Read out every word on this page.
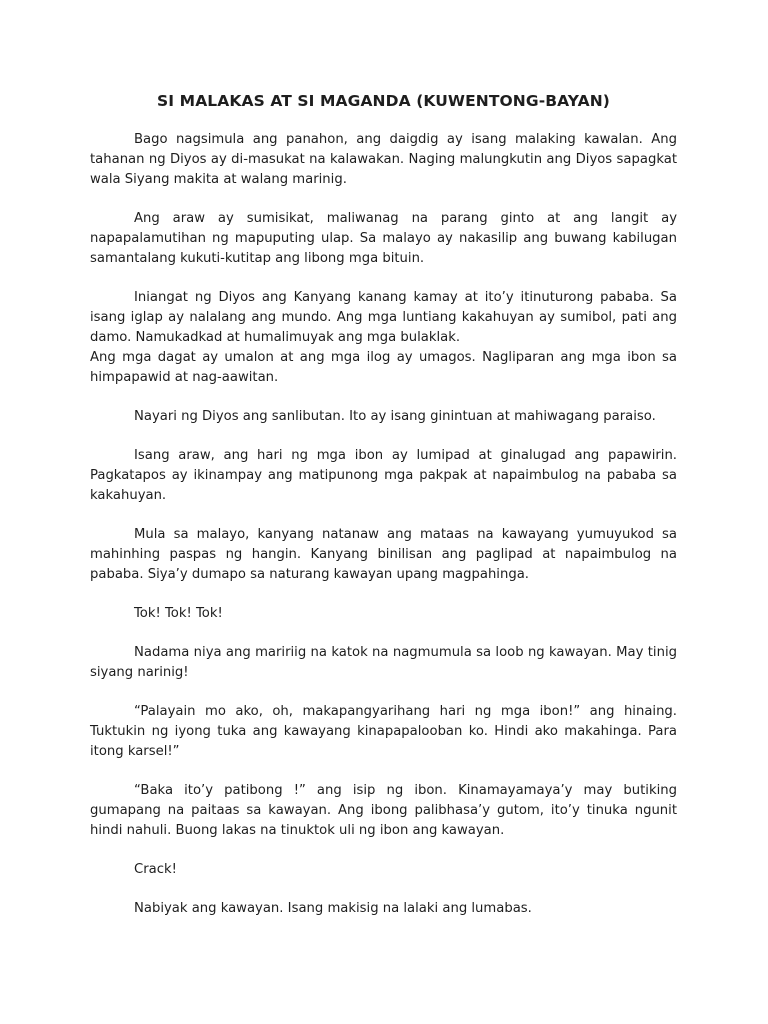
SI MALAKAS AT SI MAGANDA (KUWENTONG-BAYAN)

Bago nagsimula ang panahon, ang daigdig ay isang malaking kawalan. Ang tahanan ng Diyos ay di-masukat na kalawakan. Naging malungkutin ang Diyos sapagkat wala Siyang makita at walang marinig.

Ang araw ay sumisikat, maliwanag na parang ginto at ang langit ay napapalamutihan ng mapuputing ulap. Sa malayo ay nakasilip ang buwang kabilugan samantalang kukuti-kutitap ang libong mga bituin.

Iniangat ng Diyos ang Kanyang kanang kamay at ito’y itinuturong pababa. Sa isang iglap ay nalalang ang mundo. Ang mga luntiang kakahuyan ay sumibol, pati ang damo. Namukadkad at humalimuyak ang mga bulaklak.

Ang mga dagat ay umalon at ang mga ilog ay umagos. Nagliparan ang mga ibon sa himpapawid at nag-aawitan.

Nayari ng Diyos ang sanlibutan. Ito ay isang ginintuan at mahiwagang paraiso.

Isang araw, ang hari ng mga ibon ay lumipad at ginalugad ang papawirin. Pagkatapos ay ikinampay ang matipunong mga pakpak at napaimbulog na pababa sa kakahuyan.

Mula sa malayo, kanyang natanaw ang mataas na kawayang yumuyukod sa mahinhing paspas ng hangin. Kanyang binilisan ang paglipad at napaimbulog na pababa. Siya’y dumapo sa naturang kawayan upang magpahinga.

Tok! Tok! Tok!

Nadama niya ang maririig na katok na nagmumula sa loob ng kawayan. May tinig siyang narinig!

“Palayain mo ako, oh, makapangyarihang hari ng mga ibon!” ang hinaing. Tuktukin ng iyong tuka ang kawayang kinapapalooban ko. Hindi ako makahinga. Para itong karsel!”

“Baka ito’y patibong !” ang isip ng ibon. Kinamayamaya’y may butiking gumapang na paitaas sa kawayan. Ang ibong palibhasa’y gutom, ito’y tinuka ngunit hindi nahuli. Buong lakas na tinuktok uli ng ibon ang kawayan.

Crack!

Nabiyak ang kawayan. Isang makisig na lalaki ang lumabas.
